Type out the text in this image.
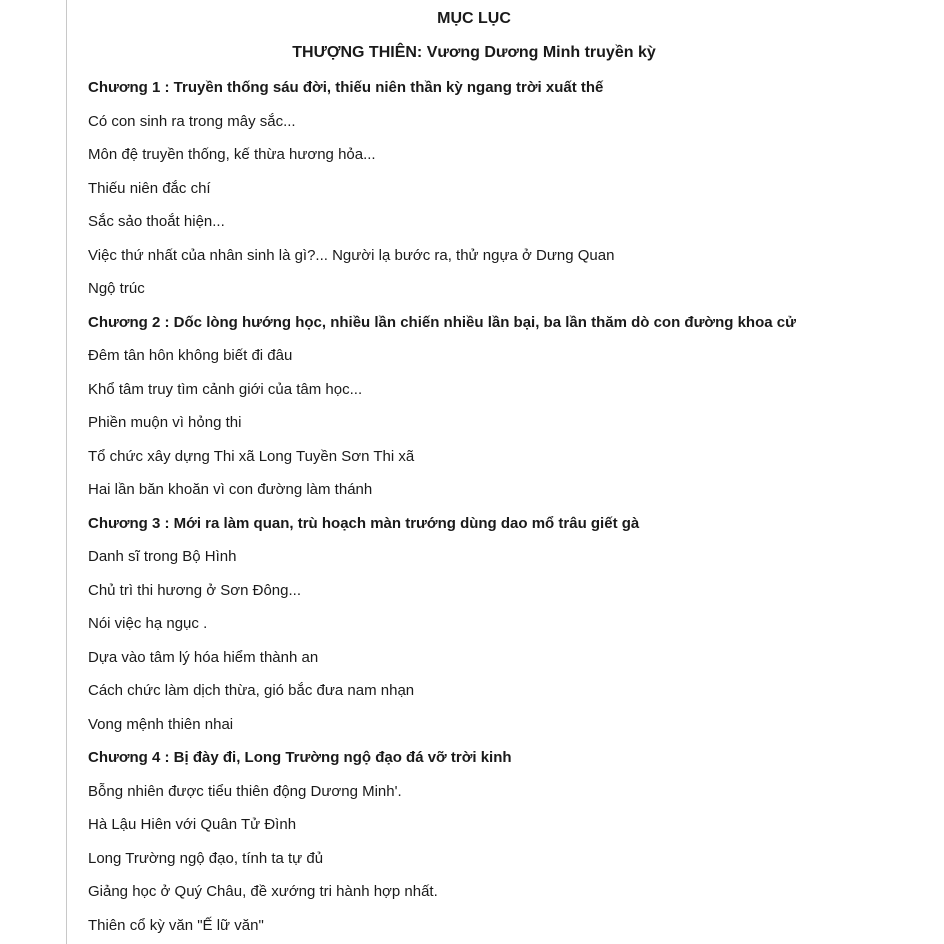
MỤC LỤC
THƯỢNG THIÊN: Vương Dương Minh truyền kỳ
Chương 1 : Truyền thống sáu đời, thiếu niên thần kỳ ngang trời xuất thế
Có con sinh ra trong mây sắc...
Môn đệ truyền thống, kế thừa hương hỏa...
Thiếu niên đắc chí
Sắc sảo thoắt hiện...
Việc thứ nhất của nhân sinh là gì?... Người lạ bước ra, thử ngựa ở Dưng Quan
Ngộ trúc
Chương 2 : Dốc lòng hướng học, nhiều lần chiến nhiều lần bại, ba lần thăm dò con đường khoa cử
Đêm tân hôn không biết đi đâu
Khổ tâm truy tìm cảnh giới của tâm học...
Phiền muộn vì hỏng thi
Tổ chức xây dựng Thi xã Long Tuyền Sơn Thi xã
Hai lần băn khoăn vì con đường làm thánh
Chương 3 : Mới ra làm quan, trù hoạch màn trướng dùng dao mổ trâu giết gà
Danh sĩ trong Bộ Hình
Chủ trì thi hương ở Sơn Đông...
Nói việc hạ ngục .
Dựa vào tâm lý hóa hiểm thành an
Cách chức làm dịch thừa, gió bắc đưa nam nhạn
Vong mệnh thiên nhai
Chương 4 : Bị đày đi, Long Trường ngộ đạo đá vỡ trời kinh
Bỗng nhiên được tiểu thiên động Dương Minh'.
Hà Lậu Hiên với Quân Tử Đình
Long Trường ngộ đạo, tính ta tự đủ
Giảng học ở Quý Châu, đề xướng tri hành hợp nhất.
Thiên cổ kỳ văn "Ế lữ văn"
